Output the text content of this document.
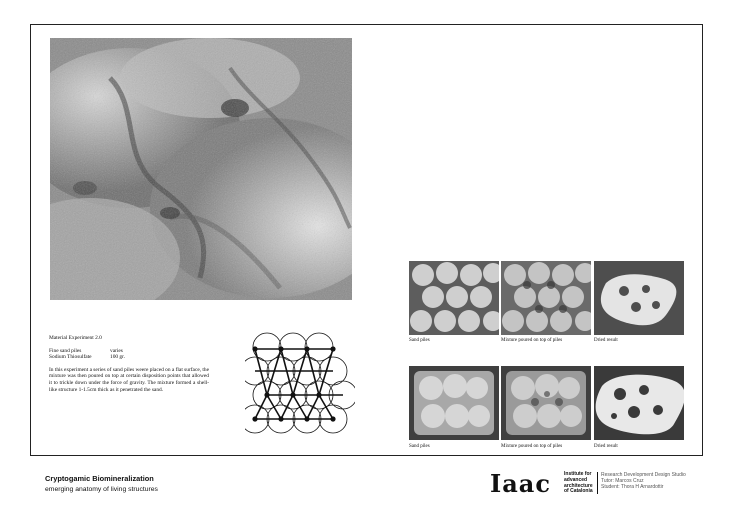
Material Experiment 2.0

Fine sand piles	varies
Sodium Thiosulfate	100 gr.

In this experiment a series of sand piles weere placed on a flat surface, the mixture was then poured on top at certain disposition points that allowed it to trickle down under the force of gravity. The mixture formed a shell-like structure 1-1.5cm thick as it penetrated the sand.

Sand piles	Mixture poured on top of piles	Dried result
Sand piles	Mixture poured on top of piles	Dried result
Cryptogamic Biomineralization
emerging anatomy of living structures	Iaac	Institute for
advanced
architecture
of Catalonia
Research Development Design Studio
Tutor: Marcos Cruz
Student: Thora H Arnardottir
